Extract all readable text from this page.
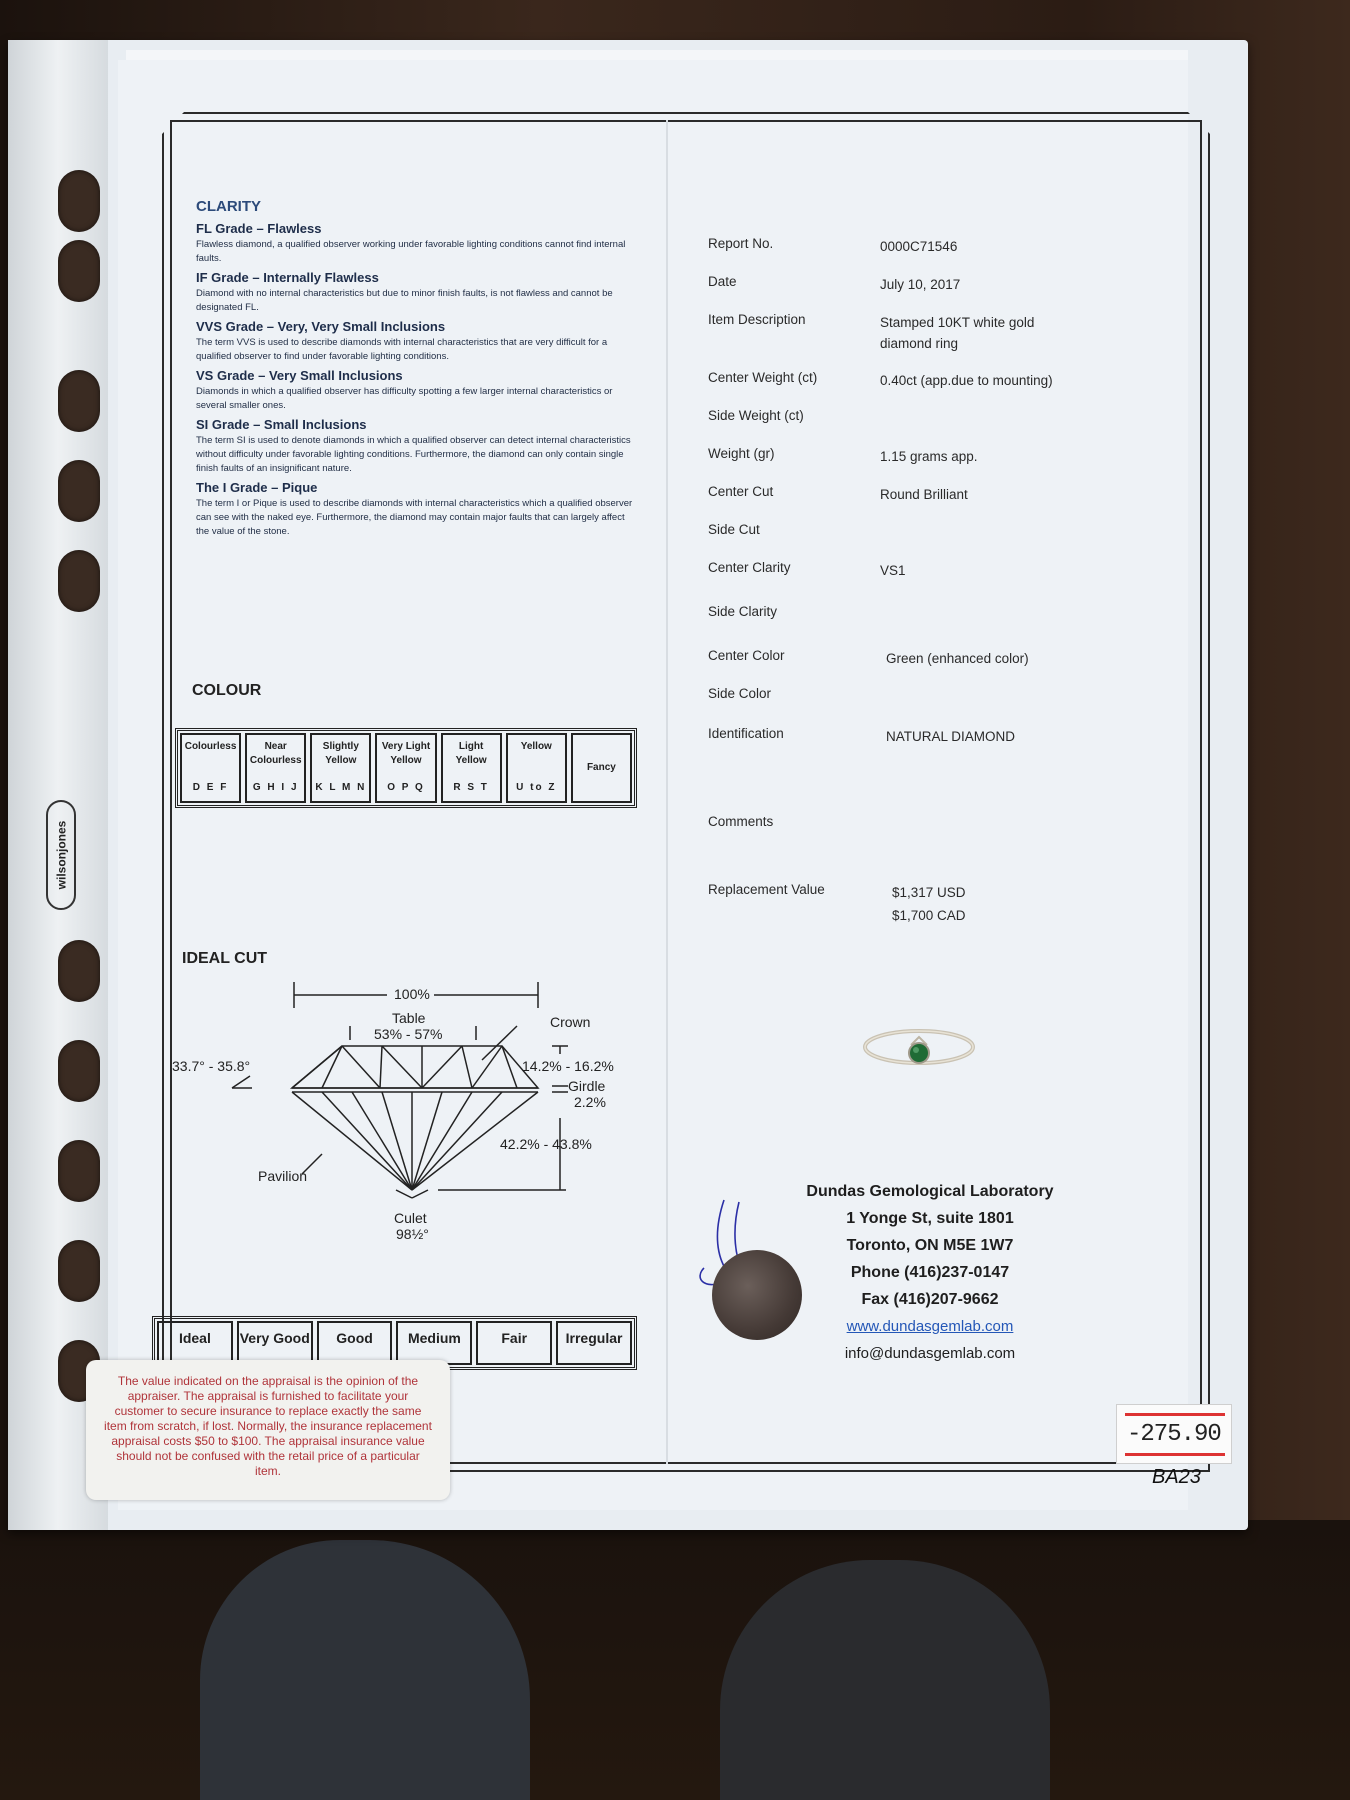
wilsonjones
CLARITY
FL Grade – Flawless
Flawless diamond, a qualified observer working under favorable lighting conditions cannot find internal faults.
IF Grade – Internally Flawless
Diamond with no internal characteristics but due to minor finish faults, is not flawless and cannot be designated FL.
VVS Grade – Very, Very Small Inclusions
The term VVS is used to describe diamonds with internal characteristics that are very difficult for a qualified observer to find under favorable lighting conditions.
VS Grade – Very Small Inclusions
Diamonds in which a qualified observer has difficulty spotting a few larger internal characteristics or several smaller ones.
SI Grade – Small Inclusions
The term SI is used to denote diamonds in which a qualified observer can detect internal characteristics without difficulty under favorable lighting conditions. Furthermore, the diamond can only contain single finish faults of an insignificant nature.
The I Grade – Pique
The term I or Pique is used to describe diamonds with internal characteristics which a qualified observer can see with the naked eye. Furthermore, the diamond may contain major faults that can largely affect the value of the stone.
COLOUR
Colourless
D E F
Near Colourless
G H I J
Slightly Yellow
K L M N
Very Light Yellow
O P Q
Light Yellow
R S T
Yellow
U to Z
Fancy
IDEAL CUT
100%
Table
53% - 57%
Crown
33.7° - 35.8°	14.2% - 16.2%
Girdle
2.2%
42.2% - 43.8%
Pavilion
Culet
98½°
Ideal	Very Good	Good	Medium	Fair	Irregular
The value indicated on the appraisal is the opinion of the appraiser. The appraisal is furnished to facilitate your customer to secure insurance to replace exactly the same item from scratch, if lost. Normally, the insurance replacement appraisal costs $50 to $100. The appraisal insurance value should not be confused with the retail price of a particular item.
Report No.	0000C71546
Date	July 10, 2017
Item Description	Stamped 10KT white gold diamond ring
Center Weight (ct)	0.40ct (app.due to mounting)
Side Weight (ct)
Weight (gr)	1.15 grams app.
Center Cut	Round Brilliant
Side Cut
Center Clarity	VS1
Side Clarity
Center Color	Green (enhanced color)
Side Color
Identification	NATURAL DIAMOND
Comments
Replacement Value	$1,317 USD
$1,700 CAD
Dundas Gemological Laboratory
1 Yonge St, suite 1801
Toronto, ON M5E 1W7
Phone (416)237-0147
Fax (416)207-9662
www.dundasgemlab.com
info@dundasgemlab.com
-275.90
BA23
